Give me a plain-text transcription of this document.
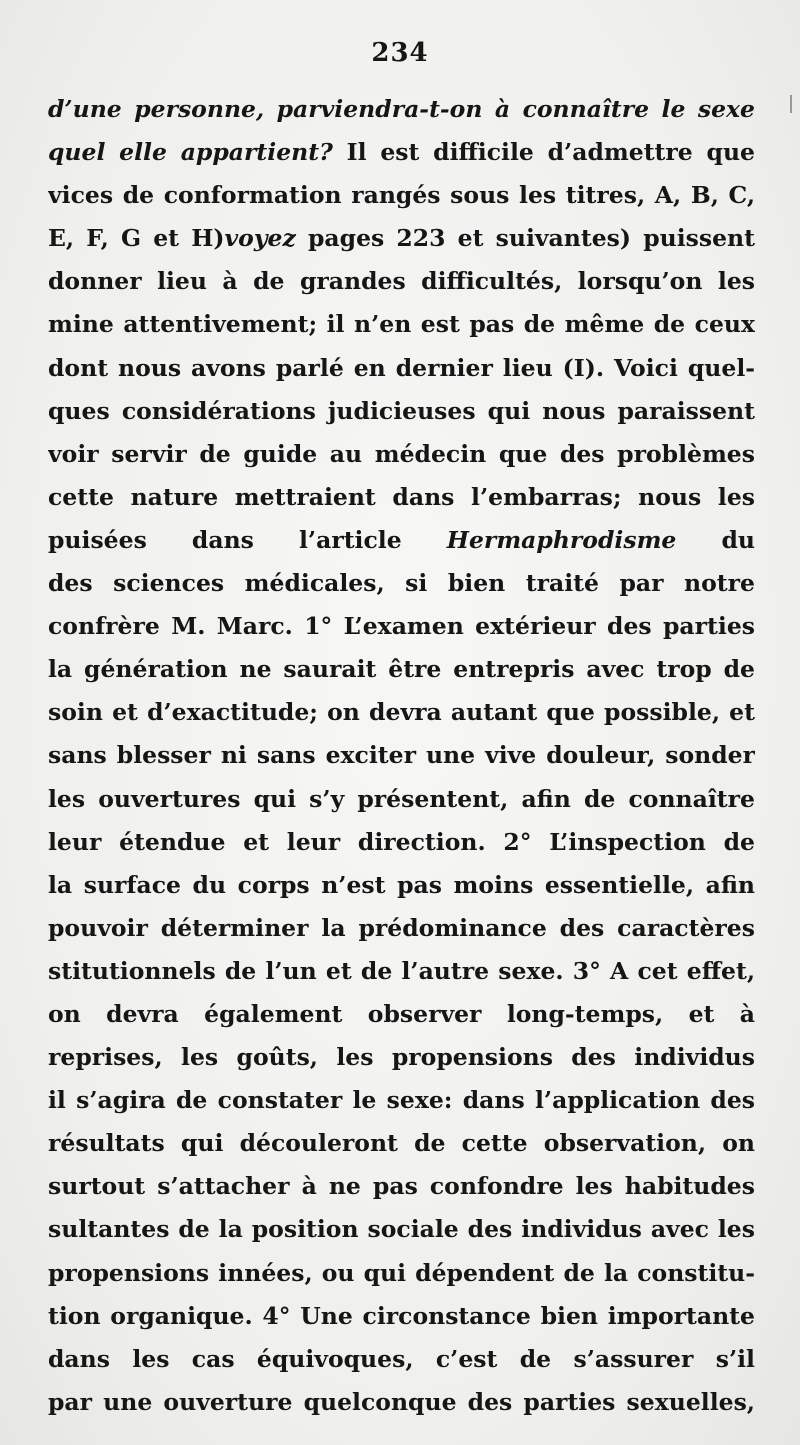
234
d’une personne, parviendra-t-on à connaître le sexe
quel elle appartient? Il est difficile d’admettre que
vices de conformation rangés sous les titres, A, B, C,
E, F, G et H)voyez pages 223 et suivantes) puissent
donner lieu à de grandes difficultés, lorsqu’on les
mine attentivement; il n’en est pas de même de ceux
dont nous avons parlé en dernier lieu (I). Voici quel-
ques considérations judicieuses qui nous paraissent
voir servir de guide au médecin que des problèmes
cette nature mettraient dans l’embarras; nous les
puisées dans l’article Hermaphrodisme du
des sciences médicales, si bien traité par notre
confrère M. Marc. 1° L’examen extérieur des parties
la génération ne saurait être entrepris avec trop de
soin et d’exactitude; on devra autant que possible, et
sans blesser ni sans exciter une vive douleur, sonder
les ouvertures qui s’y présentent, afin de connaître
leur étendue et leur direction. 2° L’inspection de
la surface du corps n’est pas moins essentielle, afin
pouvoir déterminer la prédominance des caractères
stitutionnels de l’un et de l’autre sexe. 3° A cet effet,
on devra également observer long-temps, et à
reprises, les goûts, les propensions des individus
il s’agira de constater le sexe: dans l’application des
résultats qui découleront de cette observation, on
surtout s’attacher à ne pas confondre les habitudes
sultantes de la position sociale des individus avec les
propensions innées, ou qui dépendent de la constitu-
tion organique. 4° Une circonstance bien importante
dans les cas équivoques, c’est de s’assurer s’il
par une ouverture quelconque des parties sexuelles,
